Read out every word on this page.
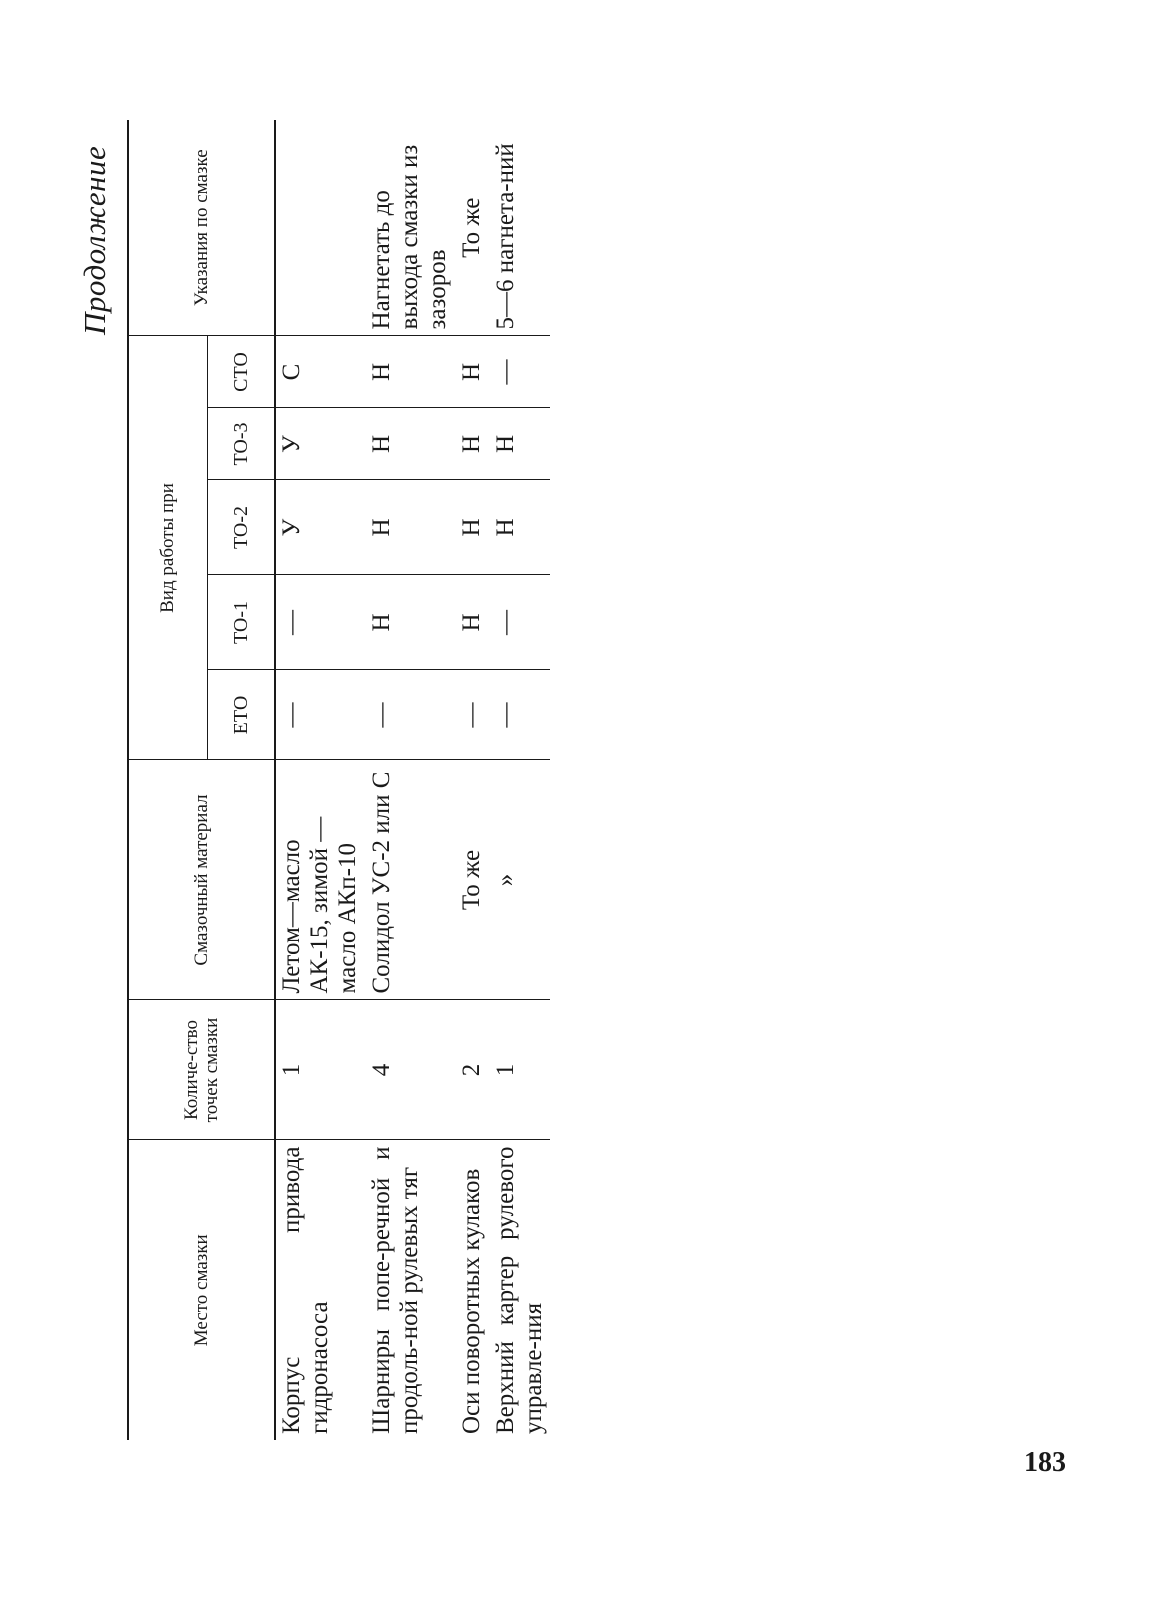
Продолжение
Место смазки	Количе-ство точек смазки	Смазочный материал	Вид работы при					Указания по смазке
			ЕТО	ТО-1	ТО-2	ТО-3	СТО	
Корпус привода гидронасоса	1	Летом—масло АК-15, зимой — масло АКп-10	—	—	У	У	С	
Шарниры попе-речной и продоль-ной рулевых тяг	4	Солидол УС-2 или С	—	Н	Н	Н	Н	Нагнетать до выхода смазки из зазоров
Оси поворотных кулаков	2	То же	—	Н	Н	Н	Н	То же
Верхний картер рулевого управле-ния	1	»	—	—	Н	Н	—	5—6 нагнета-ний
183
